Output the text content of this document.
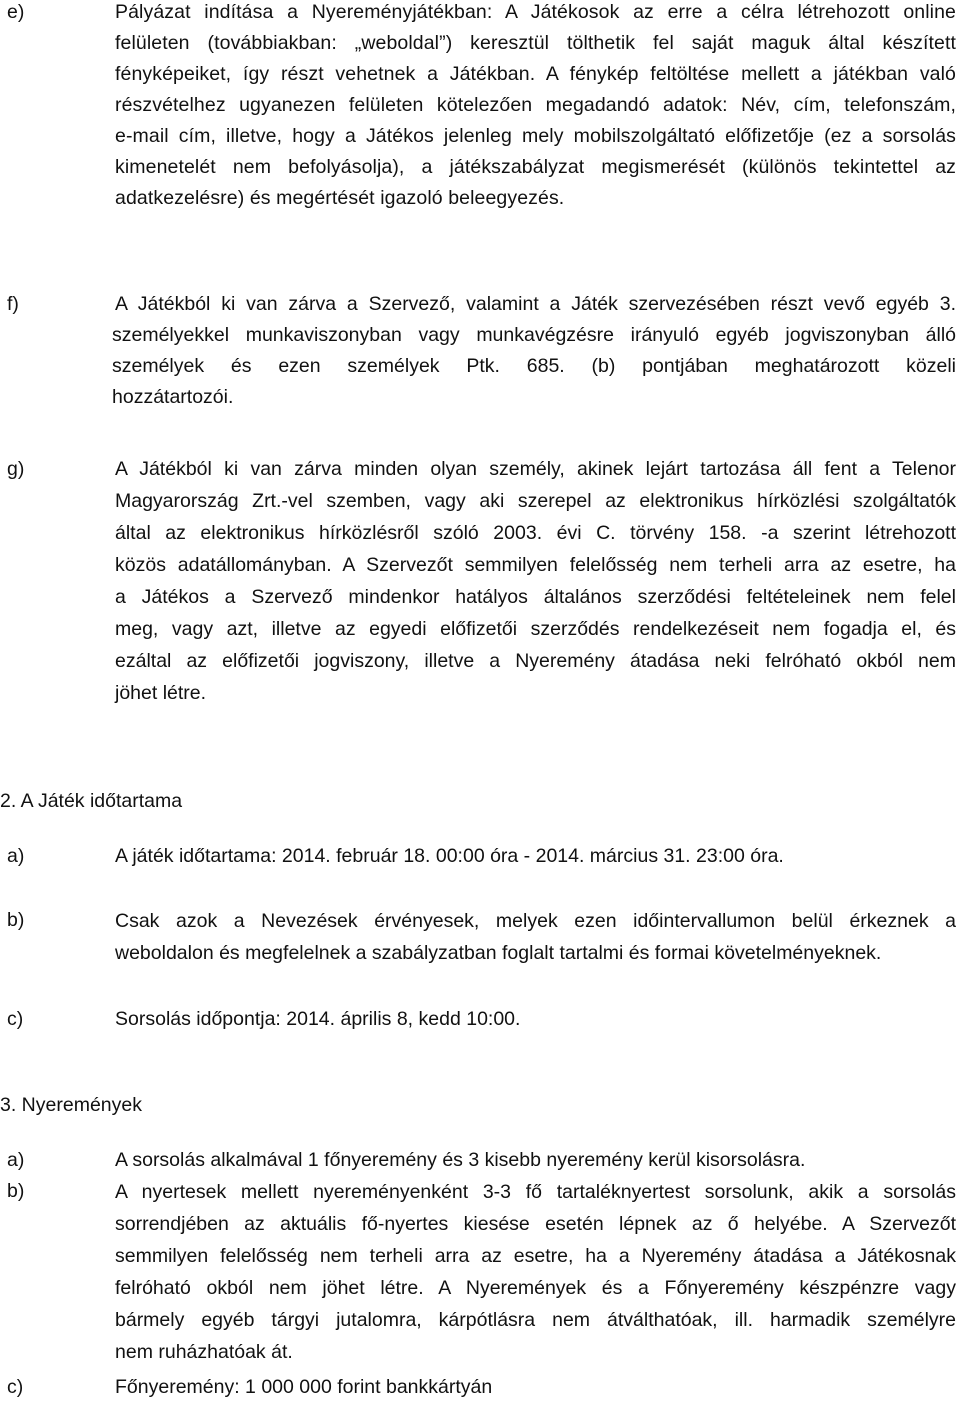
e)	Pályázat indítása a Nyereményjátékban: A Játékosok az erre a célra létrehozott online
felületen (továbbiakban: „weboldal”) keresztül tölthetik fel saját maguk által készített
fényképeiket, így részt vehetnek a Játékban. A fénykép feltöltése mellett a játékban való
részvételhez ugyanezen felületen kötelezően megadandó adatok: Név, cím, telefonszám,
e-mail cím, illetve, hogy a Játékos jelenleg mely mobilszolgáltató előfizetője (ez a sorsolás
kimenetelét nem befolyásolja), a játékszabályzat megismerését (különös tekintettel az
adatkezelésre) és megértését igazoló beleegyezés.
f)	A Játékból ki van zárva a Szervező, valamint a Játék szervezésében részt vevő egyéb 3.
személyekkel munkaviszonyban vagy munkavégzésre irányuló egyéb jogviszonyban álló
személyek és ezen személyek Ptk. 685. (b) pontjában meghatározott közeli
hozzátartozói.
g)	A Játékból ki van zárva minden olyan személy, akinek lejárt tartozása áll fent a Telenor
Magyarország Zrt.-vel szemben, vagy aki szerepel az elektronikus hírközlési szolgáltatók
által az elektronikus hírközlésről szóló 2003. évi C. törvény 158. -a szerint létrehozott
közös adatállományban. A Szervezőt semmilyen felelősség nem terheli arra az esetre, ha
a Játékos a Szervező mindenkor hatályos általános szerződési feltételeinek nem felel
meg, vagy azt, illetve az egyedi előfizetői szerződés rendelkezéseit nem fogadja el, és
ezáltal az előfizetői jogviszony, illetve a Nyeremény átadása neki felróható okból nem
jöhet létre.
2. A Játék időtartama
a)	A játék időtartama: 2014. február 18. 00:00 óra - 2014. március 31. 23:00 óra.
b)	Csak azok a Nevezések érvényesek, melyek ezen időintervallumon belül érkeznek a
weboldalon és megfelelnek a szabályzatban foglalt tartalmi és formai követelményeknek.
c)	Sorsolás időpontja: 2014. április 8, kedd 10:00.
3. Nyeremények
a)	A sorsolás alkalmával 1 főnyeremény és 3 kisebb nyeremény kerül kisorsolásra.
b)	A nyertesek mellett nyereményenként 3-3 fő tartaléknyertest sorsolunk, akik a sorsolás
sorrendjében az aktuális fő-nyertes kiesése esetén lépnek az ő helyébe. A Szervezőt
semmilyen felelősség nem terheli arra az esetre, ha a Nyeremény átadása a Játékosnak
felróható okból nem jöhet létre. A Nyeremények és a Főnyeremény készpénzre vagy
bármely egyéb tárgyi jutalomra, kárpótlásra nem átválthatóak, ill. harmadik személyre
nem ruházhatóak át.
c)	Főnyeremény: 1 000 000 forint bankkártyán
